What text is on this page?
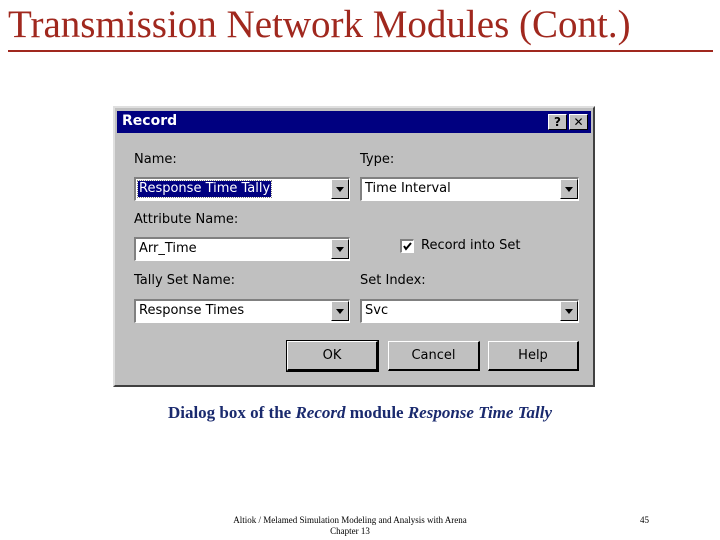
Transmission Network Modules (Cont.)
Record	?	✕
Name:
Response Time Tally
Type:
Time Interval
Attribute Name:
Arr_Time	Record into Set
Tally Set Name:
Response Times
Set Index:
Svc
OK	Cancel	Help
Dialog box of the Record module Response Time Tally
Altiok / Melamed Simulation Modeling and Analysis with Arena
Chapter 13
45
